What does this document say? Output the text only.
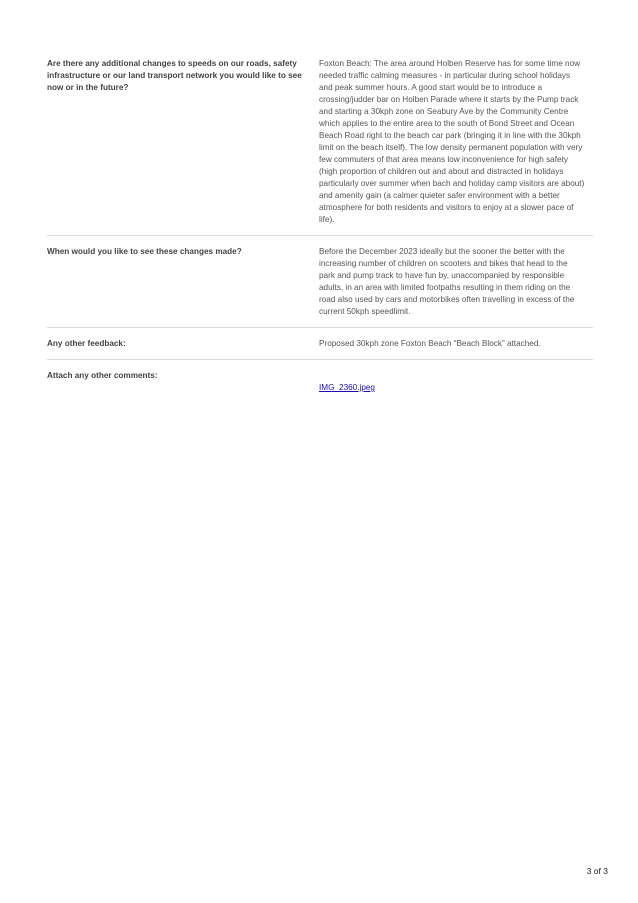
Are there any additional changes to speeds on our roads, safety infrastructure or our land transport network you would like to see now or in the future?
Foxton Beach: The area around Holben Reserve has for some time now
needed traffic calming measures - in particular during school holidays
and peak summer hours. A good start would be to introduce a
crossing/judder bar on Holben Parade where it starts by the Pump track
and starting a 30kph zone on Seabury Ave by the Community Centre
which applies to the entire area to the south of Bond Street and Ocean
Beach Road right to the beach car park (bringing it in line with the 30kph
limit on the beach itself). The low density permanent population with very
few commuters of that area means low inconvenience for high safety
(high proportion of children out and about and distracted in holidays
particularly over summer when bach and holiday camp visitors are about)
and amenity gain (a calmer quieter safer environment with a better
atmosphere for both residents and visitors to enjoy at a slower pace of
life).
When would you like to see these changes made?	Before the December 2023 ideally but the sooner the better with the
increasing number of children on scooters and bikes that head to the
park and pump track to have fun by, unaccompanied by responsible
adults, in an area with limited footpaths resulting in them riding on the
road also used by cars and motorbikes often travelling in excess of the
current 50kph speedlimit.
Any other feedback:	Proposed 30kph zone Foxton Beach “Beach Block” attached.
Attach any other comments:

IMG_2360.jpeg

3 of 3
